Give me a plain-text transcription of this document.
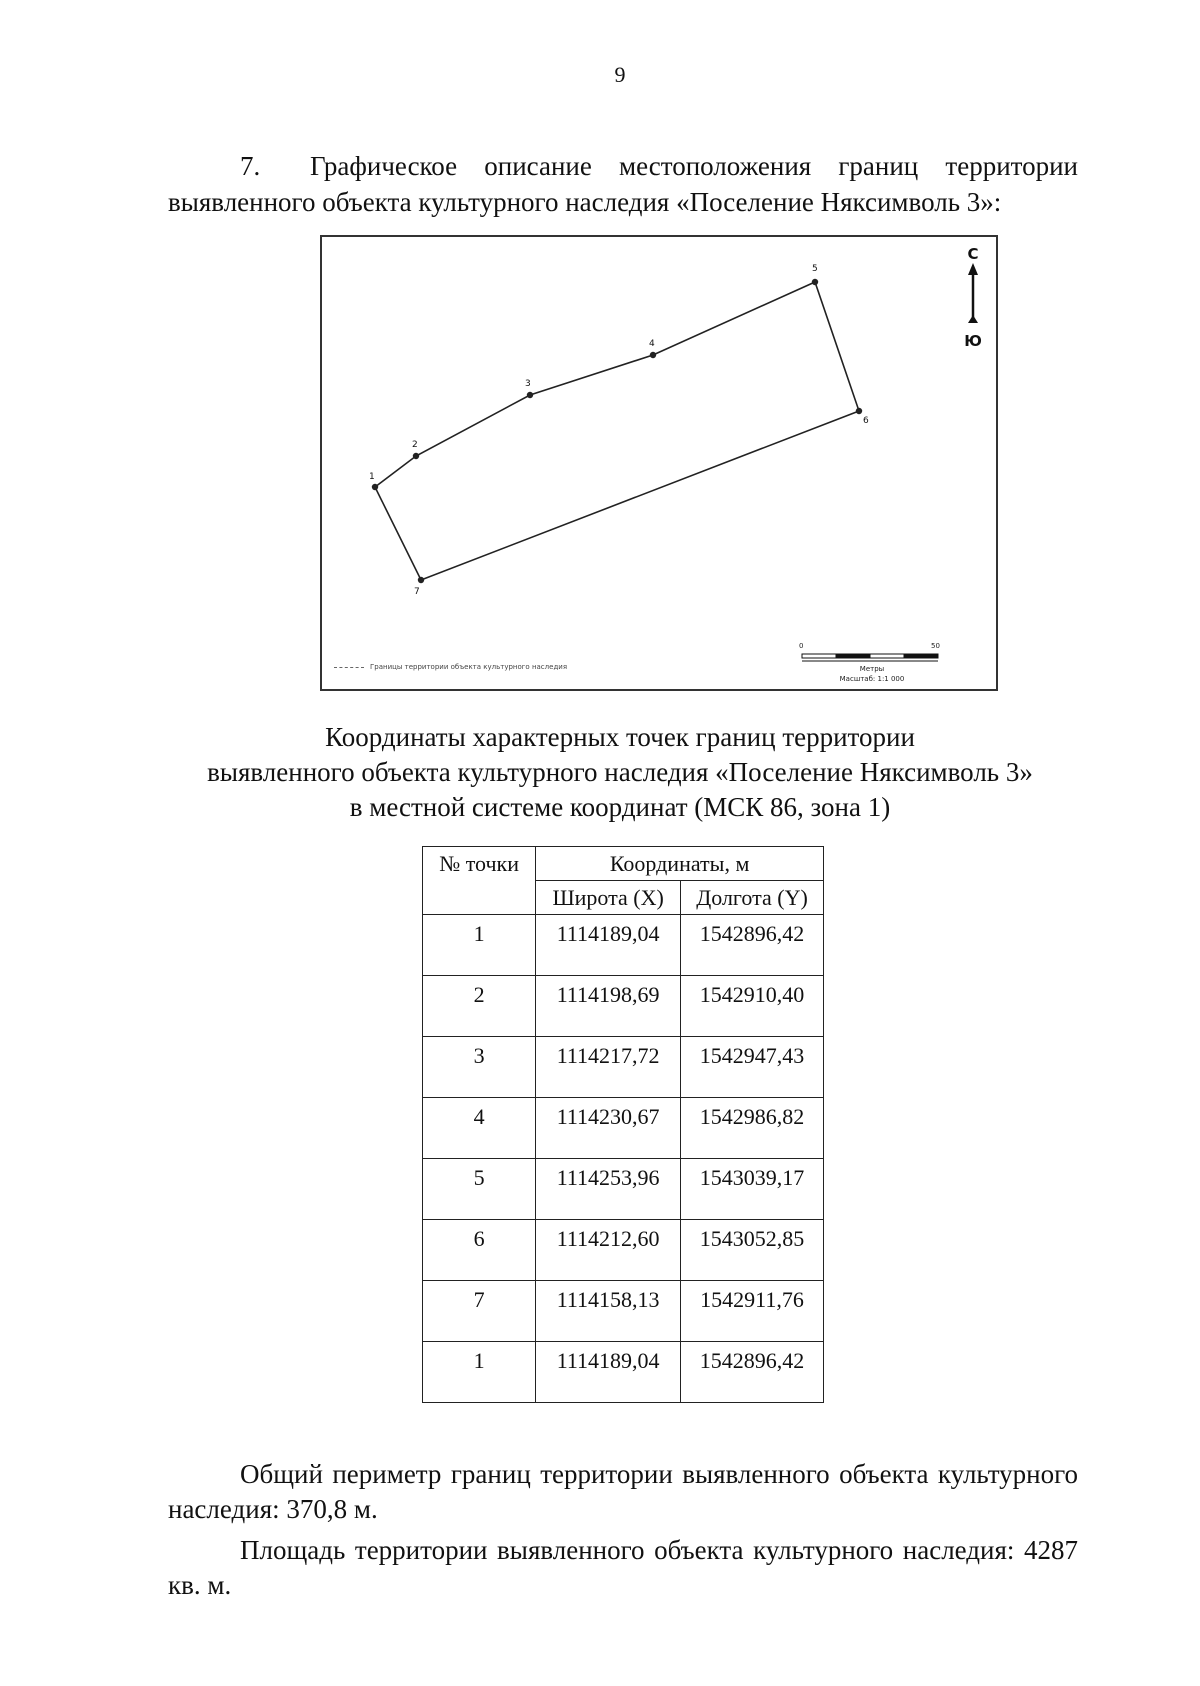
9
7. Графическое описание местоположения границ территории выявленного объекта культурного наследия «Поселение Няксимволь 3»:
1
2
3
4
5
6
7
С
Ю
Границы территории объекта культурного наследия
0	50
Метры
Масштаб: 1:1 000
Координаты характерных точек границ территории
выявленного объекта культурного наследия «Поселение Няксимволь 3»
в местной системе координат (МСК 86, зона 1)
№ точки	Координаты, м	
	Широта (X)	Долгота (Y)
1	1114189,04	1542896,42
2	1114198,69	1542910,40
3	1114217,72	1542947,43
4	1114230,67	1542986,82
5	1114253,96	1543039,17
6	1114212,60	1543052,85
7	1114158,13	1542911,76
1	1114189,04	1542896,42
Общий периметр границ территории выявленного объекта культурного наследия: 370,8 м.
Площадь территории выявленного объекта культурного наследия: 4287 кв. м.
